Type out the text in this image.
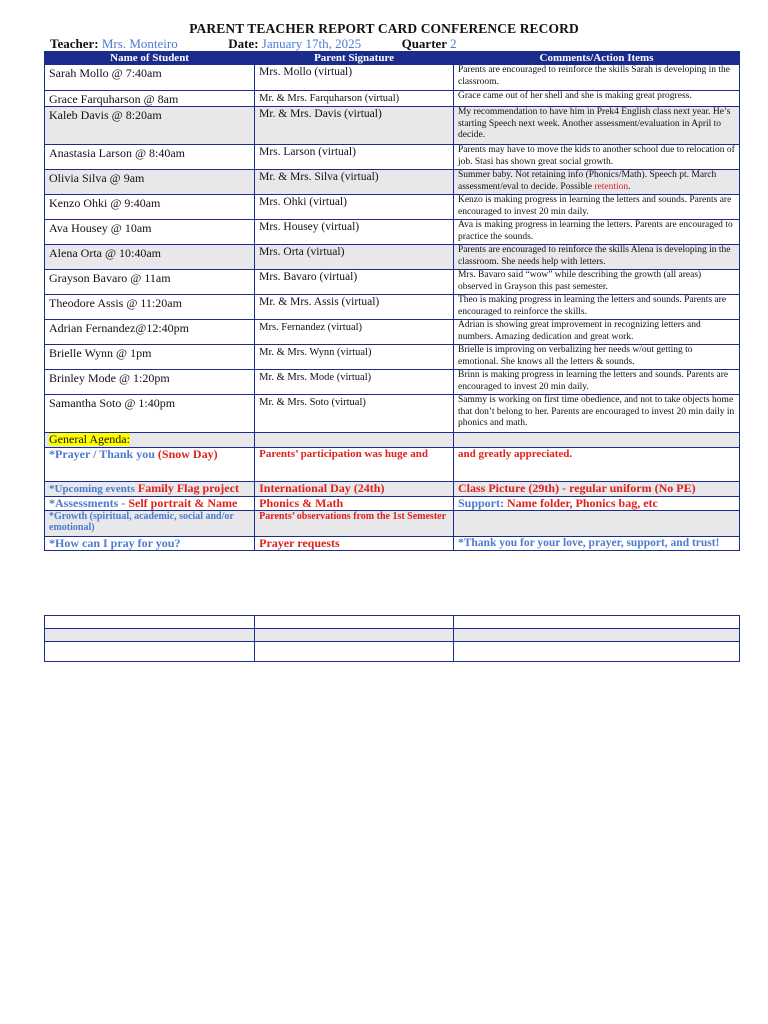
PARENT TEACHER REPORT CARD CONFERENCE RECORD
Teacher: Mrs. Monteiro	Date: January 17th, 2025	Quarter 2
Name of Student	Parent Signature	Comments/Action Items
Sarah Mollo @ 7:40am	Mrs. Mollo (virtual)	Parents are encouraged to reinforce the skills Sarah is developing in the classroom.
Grace Farquharson @ 8am	Mr. & Mrs. Farquharson (virtual)	Grace came out of her shell and she is making great progress.
Kaleb Davis @ 8:20am	Mr. & Mrs. Davis (virtual)	My recommendation to have him in Prek4 English class next year. He’s starting Speech next week. Another assessment/evaluation in April to decide.
Anastasia Larson @ 8:40am	Mrs. Larson (virtual)	Parents may have to move the kids to another school due to relocation of job. Stasi has shown great social growth.
Olivia Silva @ 9am	Mr. & Mrs. Silva (virtual)	Summer baby. Not retaining info (Phonics/Math). Speech pt. March assessment/eval to decide. Possible retention.
Kenzo Ohki @ 9:40am	Mrs. Ohki (virtual)	Kenzo is making progress in learning the letters and sounds. Parents are encouraged to invest 20 min daily.
Ava Housey @ 10am	Mrs. Housey (virtual)	Ava is making progress in learning the letters. Parents are encouraged to practice the sounds.
Alena Orta @ 10:40am	Mrs. Orta (virtual)	Parents are encouraged to reinforce the skills Alena is developing in the classroom. She needs help with letters.
Grayson Bavaro @ 11am	Mrs. Bavaro (virtual)	Mrs. Bavaro said “wow” while describing the growth (all areas) observed in Grayson this past semester.
Theodore Assis @ 11:20am	Mr. & Mrs. Assis (virtual)	Theo is making progress in learning the letters and sounds. Parents are encouraged to reinforce the skills.
Adrian Fernandez@12:40pm	Mrs. Fernandez (virtual)	Adrian is showing great improvement in recognizing letters and numbers. Amazing dedication and great work.
Brielle Wynn @ 1pm	Mr. & Mrs. Wynn (virtual)	Brielle is improving on verbalizing her needs w/out getting to emotional. She knows all the letters & sounds.
Brinley Mode @ 1:20pm	Mr. & Mrs. Mode (virtual)	Brinn is making progress in learning the letters and sounds. Parents are encouraged to invest 20 min daily.
Samantha Soto @ 1:40pm	Mr. & Mrs. Soto (virtual)	Sammy is working on first time obedience, and not to take objects home that don’t belong to her. Parents are encouraged to invest 20 min daily in phonics and math.
General Agenda:		
*Prayer / Thank you (Snow Day)	Parents’ participation was huge and	and greatly appreciated.
*Upcoming events Family Flag project	International Day (24th)	Class Picture (29th) - regular uniform (No PE)
*Assessments - Self portrait & Name	Phonics & Math	Support: Name folder, Phonics bag, etc
*Growth (spiritual, academic, social and/or emotional)	Parents’ observations from the 1st Semester	
*How can I pray for you?	Prayer requests	*Thank you for your love, prayer, support, and trust!
